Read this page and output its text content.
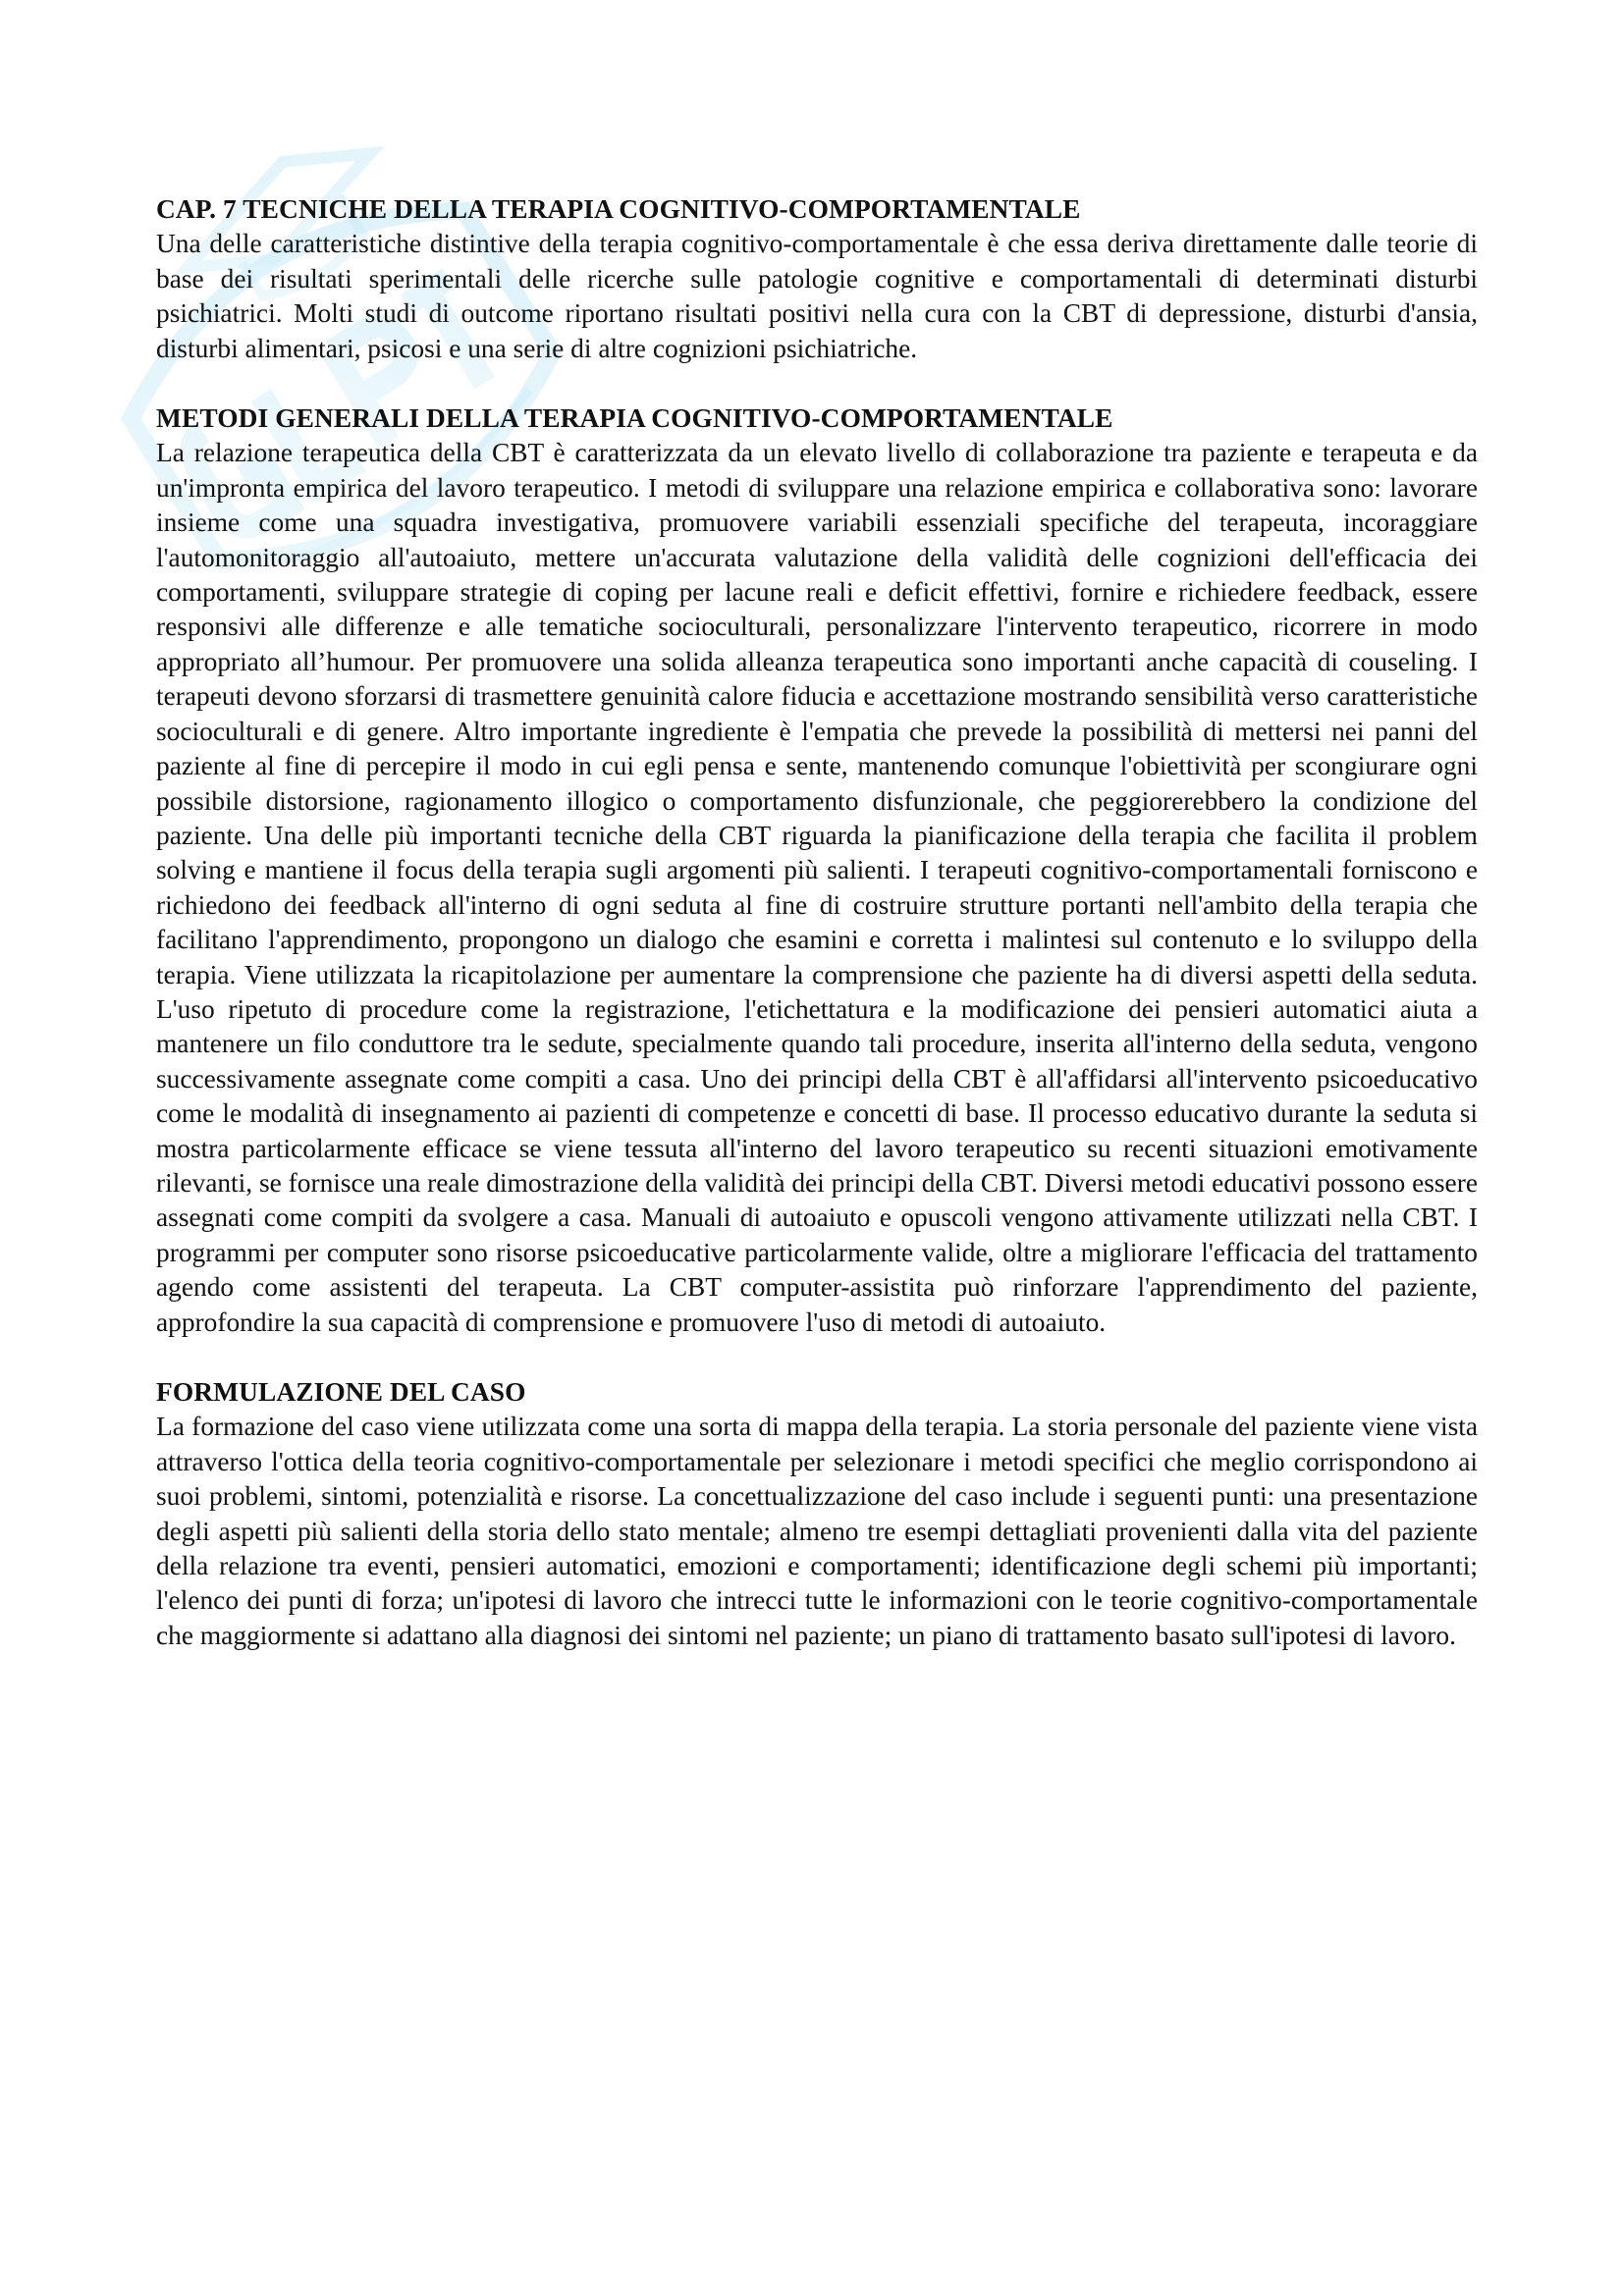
CAP. 7 TECNICHE DELLA TERAPIA COGNITIVO-COMPORTAMENTALE

Una delle caratteristiche distintive della terapia cognitivo-comportamentale è che essa deriva direttamente dalle teorie di base dei risultati sperimentali delle ricerche sulle patologie cognitive e comportamentali di determinati disturbi psichiatrici. Molti studi di outcome riportano risultati positivi nella cura con la CBT di depressione, disturbi d'ansia, disturbi alimentari, psicosi e una serie di altre cognizioni psichiatriche.

METODI GENERALI DELLA TERAPIA COGNITIVO-COMPORTAMENTALE

La relazione terapeutica della CBT è caratterizzata da un elevato livello di collaborazione tra paziente e terapeuta e da un'impronta empirica del lavoro terapeutico. I metodi di sviluppare una relazione empirica e collaborativa sono: lavorare insieme come una squadra investigativa, promuovere variabili essenziali specifiche del terapeuta, incoraggiare l'automonitoraggio all'autoaiuto, mettere un'accurata valutazione della validità delle cognizioni dell'efficacia dei comportamenti, sviluppare strategie di coping per lacune reali e deficit effettivi, fornire e richiedere feedback, essere responsivi alle differenze e alle tematiche socioculturali, personalizzare l'intervento terapeutico, ricorrere in modo appropriato all’humour. Per promuovere una solida alleanza terapeutica sono importanti anche capacità di couseling. I terapeuti devono sforzarsi di trasmettere genuinità calore fiducia e accettazione mostrando sensibilità verso caratteristiche socioculturali e di genere. Altro importante ingrediente è l'empatia che prevede la possibilità di mettersi nei panni del paziente al fine di percepire il modo in cui egli pensa e sente, mantenendo comunque l'obiettività per scongiurare ogni possibile distorsione, ragionamento illogico o comportamento disfunzionale, che peggiorerebbero la condizione del paziente. Una delle più importanti tecniche della CBT riguarda la pianificazione della terapia che facilita il problem solving e mantiene il focus della terapia sugli argomenti più salienti. I terapeuti cognitivo-comportamentali forniscono e richiedono dei feedback all'interno di ogni seduta al fine di costruire strutture portanti nell'ambito della terapia che facilitano l'apprendimento, propongono un dialogo che esamini e corretta i malintesi sul contenuto e lo sviluppo della terapia. Viene utilizzata la ricapitolazione per aumentare la comprensione che paziente ha di diversi aspetti della seduta. L'uso ripetuto di procedure come la registrazione, l'etichettatura e la modificazione dei pensieri automatici aiuta a mantenere un filo conduttore tra le sedute, specialmente quando tali procedure, inserita all'interno della seduta, vengono successivamente assegnate come compiti a casa. Uno dei principi della CBT è all'affidarsi all'intervento psicoeducativo come le modalità di insegnamento ai pazienti di competenze e concetti di base. Il processo educativo durante la seduta si mostra particolarmente efficace se viene tessuta all'interno del lavoro terapeutico su recenti situazioni emotivamente rilevanti, se fornisce una reale dimostrazione della validità dei principi della CBT. Diversi metodi educativi possono essere assegnati come compiti da svolgere a casa. Manuali di autoaiuto e opuscoli vengono attivamente utilizzati nella CBT. I programmi per computer sono risorse psicoeducative particolarmente valide, oltre a migliorare l'efficacia del trattamento agendo come assistenti del terapeuta. La CBT computer-assistita può rinforzare l'apprendimento del paziente, approfondire la sua capacità di comprensione e promuovere l'uso di metodi di autoaiuto.

FORMULAZIONE DEL CASO

La formazione del caso viene utilizzata come una sorta di mappa della terapia. La storia personale del paziente viene vista attraverso l'ottica della teoria cognitivo-comportamentale per selezionare i metodi specifici che meglio corrispondono ai suoi problemi, sintomi, potenzialità e risorse. La concettualizzazione del caso include i seguenti punti: una presentazione degli aspetti più salienti della storia dello stato mentale; almeno tre esempi dettagliati provenienti dalla vita del paziente della relazione tra eventi, pensieri automatici, emozioni e comportamenti; identificazione degli schemi più importanti; l'elenco dei punti di forza; un'ipotesi di lavoro che intrecci tutte le informazioni con le teorie cognitivo-comportamentale che maggiormente si adattano alla diagnosi dei sintomi nel paziente; un piano di trattamento basato sull'ipotesi di lavoro.
